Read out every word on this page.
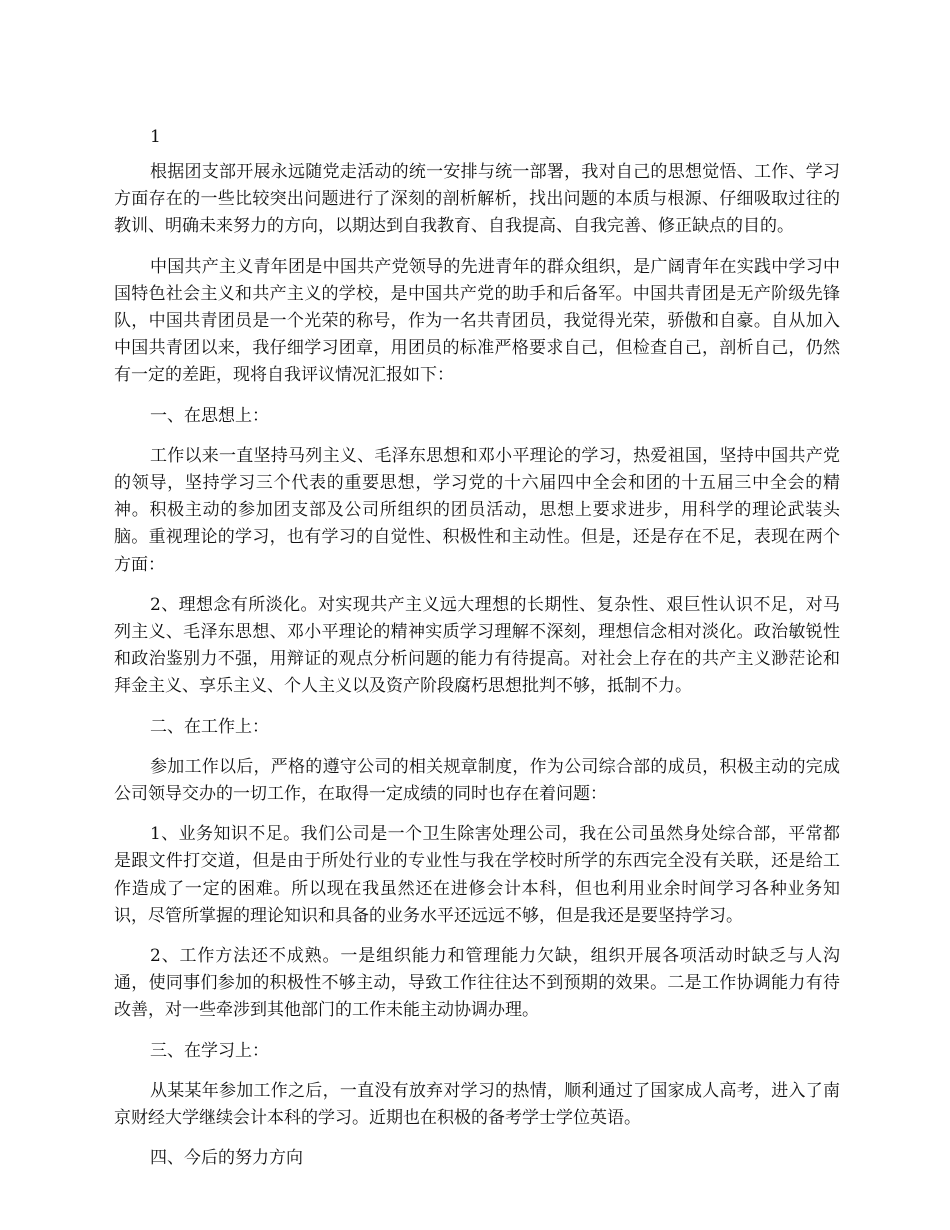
1

根据团支部开展永远随党走活动的统一安排与统一部署，我对自己的思想觉悟、工作、学习方面存在的一些比较突出问题进行了深刻的剖析解析，找出问题的本质与根源、仔细吸取过往的教训、明确未来努力的方向，以期达到自我教育、自我提高、自我完善、修正缺点的目的。

中国共产主义青年团是中国共产党领导的先进青年的群众组织，是广阔青年在实践中学习中国特色社会主义和共产主义的学校，是中国共产党的助手和后备军。中国共青团是无产阶级先锋队，中国共青团员是一个光荣的称号，作为一名共青团员，我觉得光荣，骄傲和自豪。自从加入中国共青团以来，我仔细学习团章，用团员的标准严格要求自己，但检查自己，剖析自己，仍然有一定的差距，现将自我评议情况汇报如下：

一、在思想上：

工作以来一直坚持马列主义、毛泽东思想和邓小平理论的学习，热爱祖国，坚持中国共产党的领导，坚持学习三个代表的重要思想，学习党的十六届四中全会和团的十五届三中全会的精神。积极主动的参加团支部及公司所组织的团员活动，思想上要求进步，用科学的理论武装头脑。重视理论的学习，也有学习的自觉性、积极性和主动性。但是，还是存在不足，表现在两个方面：

2、理想念有所淡化。对实现共产主义远大理想的长期性、复杂性、艰巨性认识不足，对马列主义、毛泽东思想、邓小平理论的精神实质学习理解不深刻，理想信念相对淡化。政治敏锐性和政治鉴别力不强，用辩证的观点分析问题的能力有待提高。对社会上存在的共产主义渺茫论和拜金主义、享乐主义、个人主义以及资产阶段腐朽思想批判不够，抵制不力。

二、在工作上：

参加工作以后，严格的遵守公司的相关规章制度，作为公司综合部的成员，积极主动的完成公司领导交办的一切工作，在取得一定成绩的同时也存在着问题：

1、业务知识不足。我们公司是一个卫生除害处理公司，我在公司虽然身处综合部，平常都是跟文件打交道，但是由于所处行业的专业性与我在学校时所学的东西完全没有关联，还是给工作造成了一定的困难。所以现在我虽然还在进修会计本科，但也利用业余时间学习各种业务知识，尽管所掌握的理论知识和具备的业务水平还远远不够，但是我还是要坚持学习。

2、工作方法还不成熟。一是组织能力和管理能力欠缺，组织开展各项活动时缺乏与人沟通，使同事们参加的积极性不够主动，导致工作往往达不到预期的效果。二是工作协调能力有待改善，对一些牵涉到其他部门的工作未能主动协调办理。

三、在学习上：

从某某年参加工作之后，一直没有放弃对学习的热情，顺利通过了国家成人高考，进入了南京财经大学继续会计本科的学习。近期也在积极的备考学士学位英语。

四、今后的努力方向
